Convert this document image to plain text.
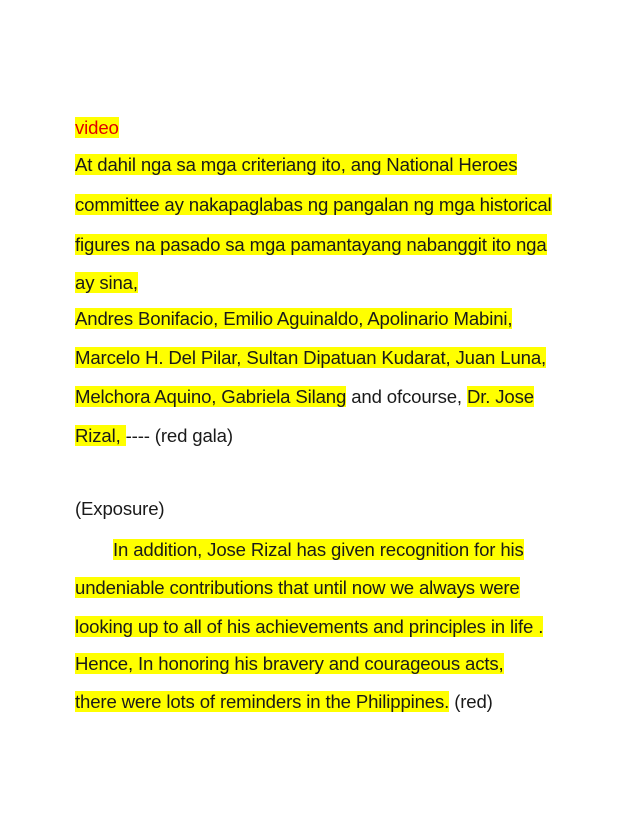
video
At dahil nga sa mga criteriang ito, ang National Heroes
committee ay nakapaglabas ng pangalan ng mga historical
figures na pasado sa mga pamantayang nabanggit ito nga
ay sina,
Andres Bonifacio, Emilio Aguinaldo, Apolinario Mabini,
Marcelo H. Del Pilar, Sultan Dipatuan Kudarat, Juan Luna,
Melchora Aquino, Gabriela Silang and ofcourse, Dr. Jose
Rizal, ---- (red gala)
(Exposure)
In addition, Jose Rizal has given recognition for his
undeniable contributions that until now we always were
looking up to all of his achievements and principles in life .
Hence, In honoring his bravery and courageous acts,
there were lots of reminders in the Philippines. (red)
